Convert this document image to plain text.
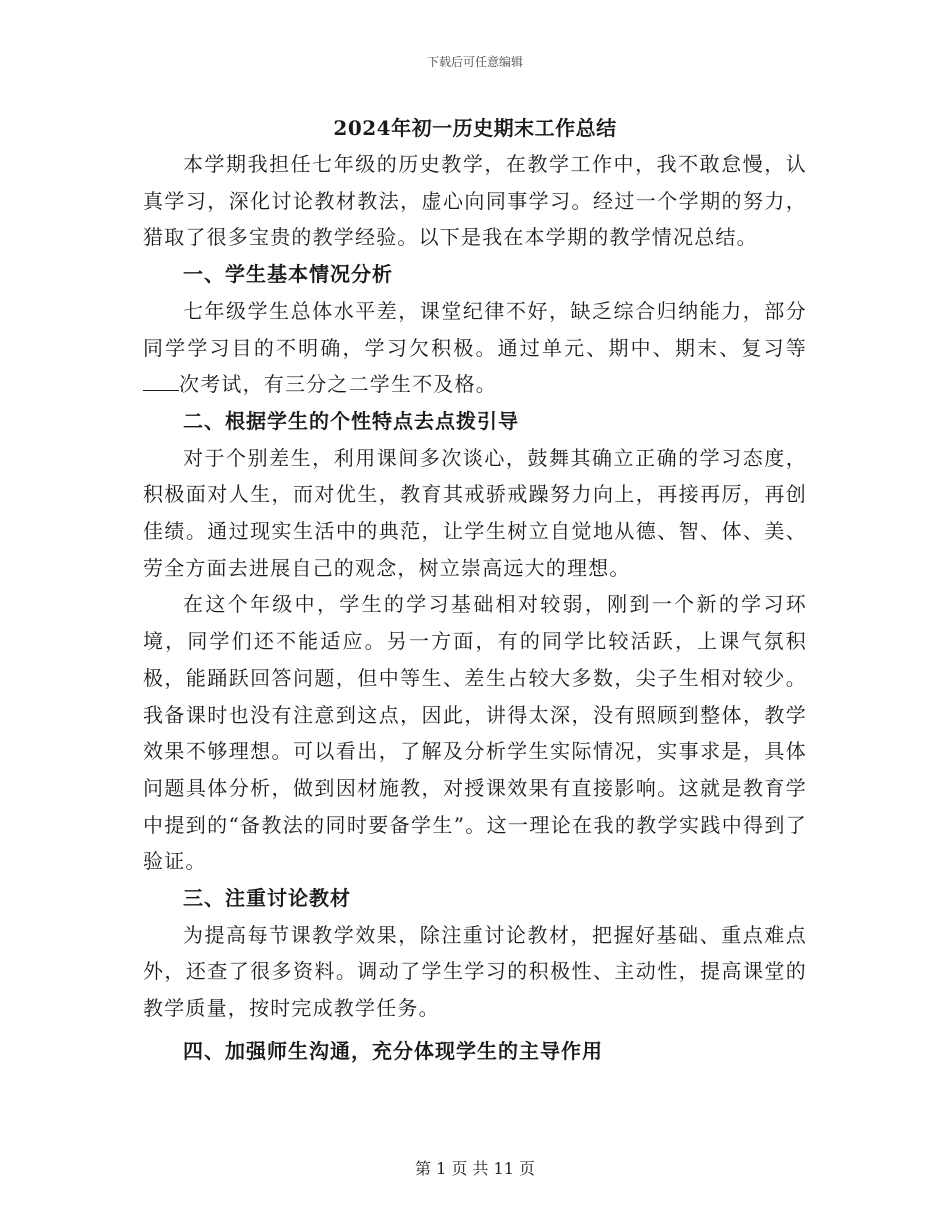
下载后可任意编辑
2024年初一历史期末工作总结

本学期我担任七年级的历史教学，在教学工作中，我不敢怠慢，认真学习，深化讨论教材教法，虚心向同事学习。经过一个学期的努力，猎取了很多宝贵的教学经验。以下是我在本学期的教学情况总结。

一、学生基本情况分析

七年级学生总体水平差，课堂纪律不好，缺乏综合归纳能力，部分同学学习目的不明确，学习欠积极。通过单元、期中、期末、复习等次考试，有三分之二学生不及格。

二、根据学生的个性特点去点拨引导

对于个别差生，利用课间多次谈心，鼓舞其确立正确的学习态度，积极面对人生，而对优生，教育其戒骄戒躁努力向上，再接再厉，再创佳绩。通过现实生活中的典范，让学生树立自觉地从德、智、体、美、劳全方面去进展自己的观念，树立崇高远大的理想。

在这个年级中，学生的学习基础相对较弱，刚到一个新的学习环境，同学们还不能适应。另一方面，有的同学比较活跃，上课气氛积极，能踊跃回答问题，但中等生、差生占较大多数，尖子生相对较少。我备课时也没有注意到这点，因此，讲得太深，没有照顾到整体，教学效果不够理想。可以看出，了解及分析学生实际情况，实事求是，具体问题具体分析，做到因材施教，对授课效果有直接影响。这就是教育学中提到的“备教法的同时要备学生”。这一理论在我的教学实践中得到了验证。

三、注重讨论教材

为提高每节课教学效果，除注重讨论教材，把握好基础、重点难点外，还查了很多资料。调动了学生学习的积极性、主动性，提高课堂的教学质量，按时完成教学任务。

四、加强师生沟通，充分体现学生的主导作用

第 1 页 共 11 页
